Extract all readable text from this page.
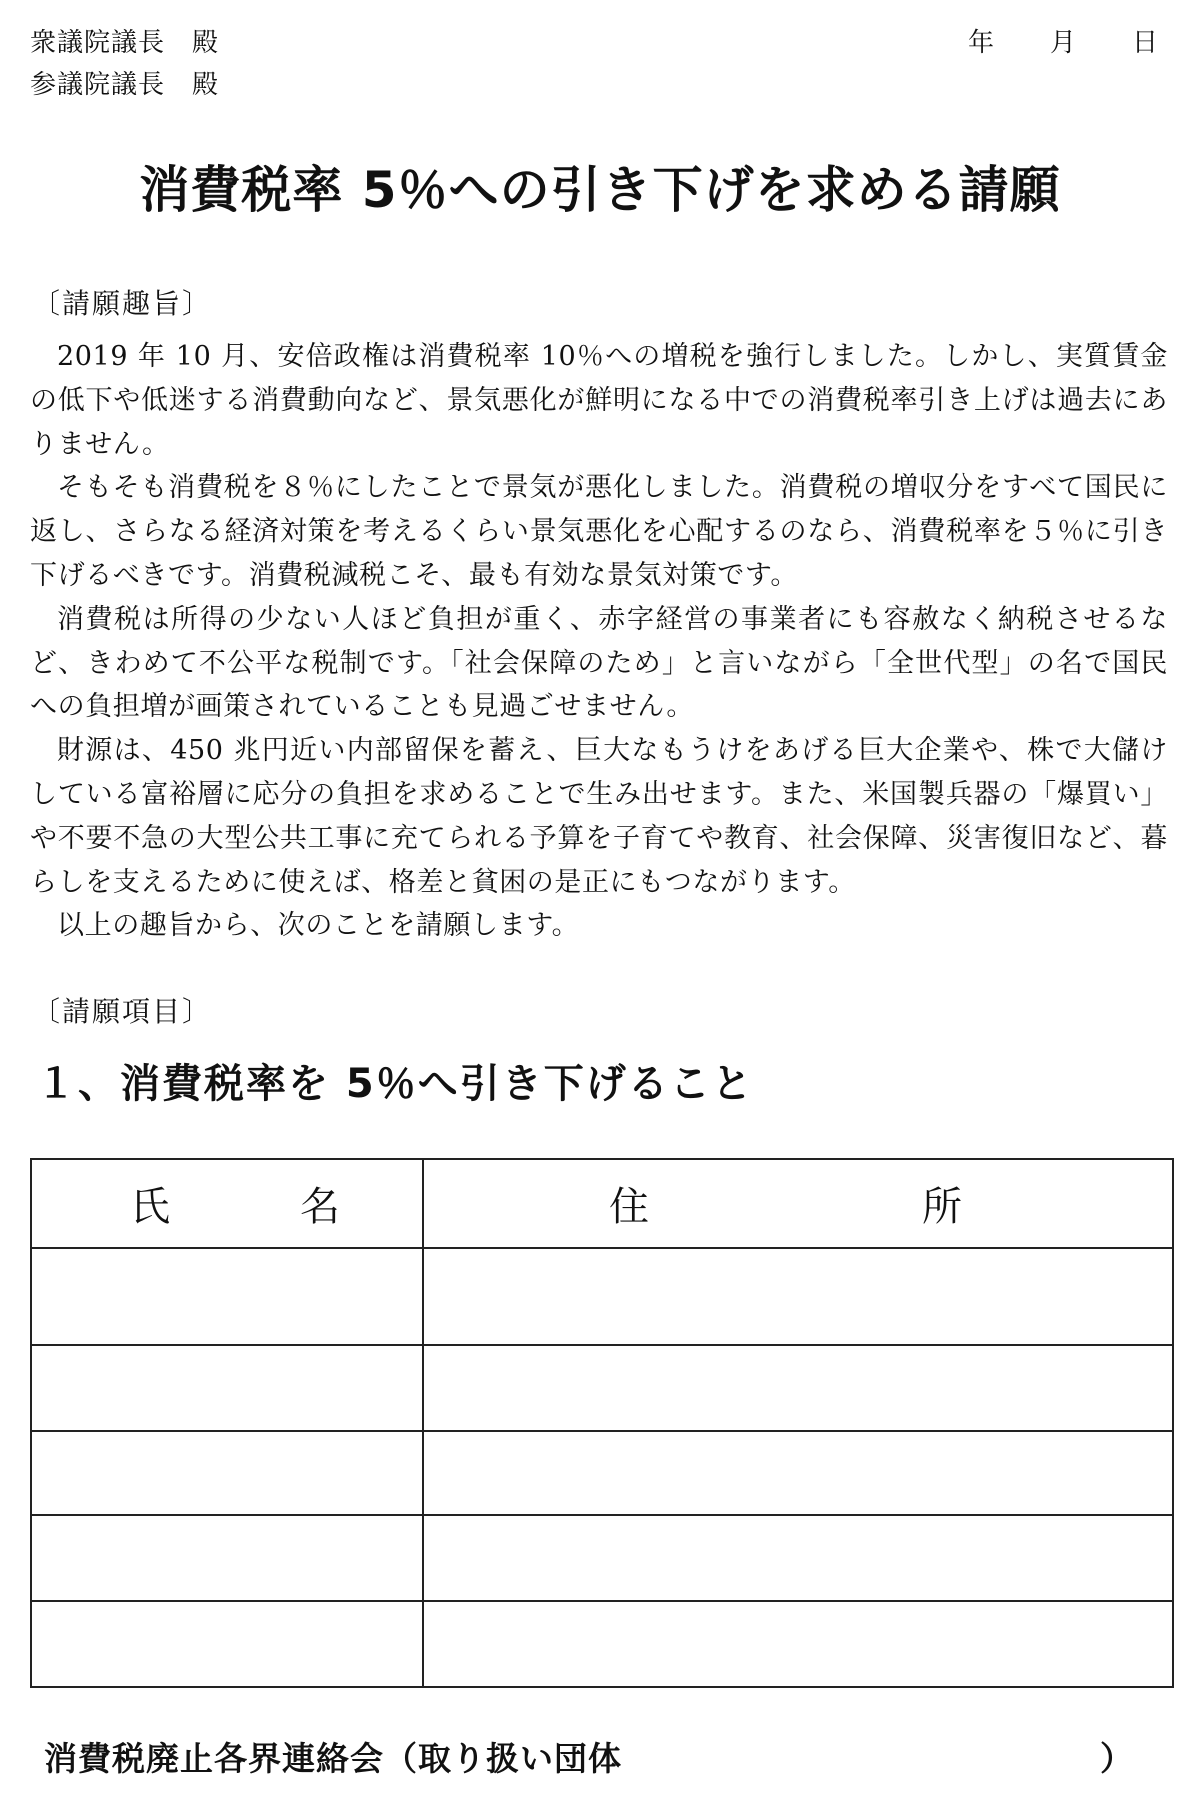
衆議院議長　殿
参議院議長　殿
年 月 日
消費税率 5％への引き下げを求める請願
〔請願趣旨〕

2019 年 10 月、安倍政権は消費税率 10％への増税を強行しました。しかし、実質賃金の低下や低迷する消費動向など、景気悪化が鮮明になる中での消費税率引き上げは過去にありません。

そもそも消費税を８％にしたことで景気が悪化しました。消費税の増収分をすべて国民に返し、さらなる経済対策を考えるくらい景気悪化を心配するのなら、消費税率を５％に引き下げるべきです。消費税減税こそ、最も有効な景気対策です。

消費税は所得の少ない人ほど負担が重く、赤字経営の事業者にも容赦なく納税させるなど、きわめて不公平な税制です。「社会保障のため」と言いながら「全世代型」の名で国民への負担増が画策されていることも見過ごせません。

財源は、450 兆円近い内部留保を蓄え、巨大なもうけをあげる巨大企業や、株で大儲けしている富裕層に応分の負担を求めることで生み出せます。また、米国製兵器の「爆買い」や不要不急の大型公共工事に充てられる予算を子育てや教育、社会保障、災害復旧など、暮らしを支えるために使えば、格差と貧困の是正にもつながります。

以上の趣旨から、次のことを請願します。

〔請願項目〕
１、消費税率を 5％へ引き下げること
氏 名	住 所

消費税廃止各界連絡会（取り扱い団体	）
